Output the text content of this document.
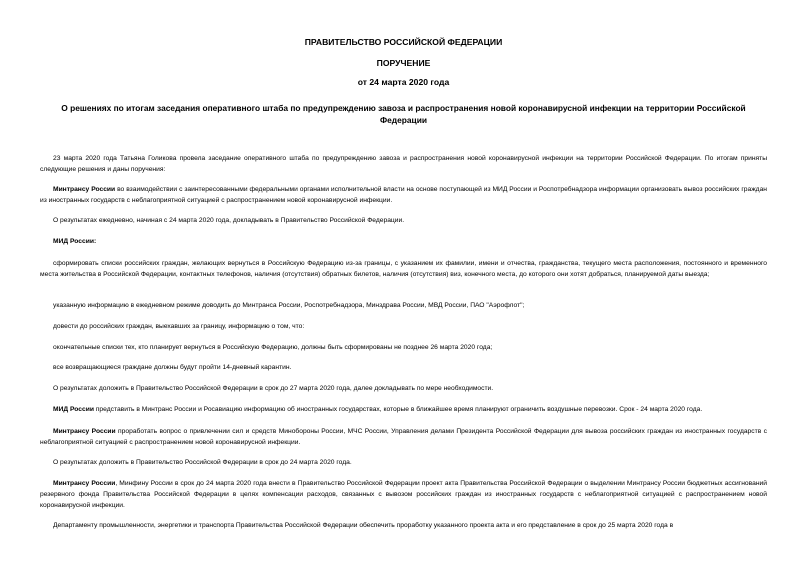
ПРАВИТЕЛЬСТВО РОССИЙСКОЙ ФЕДЕРАЦИИ
ПОРУЧЕНИЕ
от 24 марта 2020 года
О решениях по итогам заседания оперативного штаба по предупреждению завоза и распространения новой коронавирусной инфекции на территории Российской Федерации
23 марта 2020 года Татьяна Голикова провела заседание оперативного штаба по предупреждению завоза и распространения новой коронавирусной инфекции на территории Российской Федерации. По итогам приняты следующие решения и даны поручения:
Минтрансу России во взаимодействии с заинтересованными федеральными органами исполнительной власти на основе поступающей из МИД России и Роспотребнадзора информации организовать вывоз российских граждан из иностранных государств с неблагоприятной ситуацией с распространением новой коронавирусной инфекции.
О результатах ежедневно, начиная с 24 марта 2020 года, докладывать в Правительство Российской Федерации.
МИД России:
сформировать списки российских граждан, желающих вернуться в Российскую Федерацию из-за границы, с указанием их фамилии, имени и отчества, гражданства, текущего места расположения, постоянного и временного места жительства в Российской Федерации, контактных телефонов, наличия (отсутствия) обратных билетов, наличия (отсутствия) виз, конечного места, до которого они хотят добраться, планируемой даты выезда;
указанную информацию в ежедневном режиме доводить до Минтранса России, Роспотребнадзора, Минздрава России, МВД России, ПАО "Аэрофлот";
довести до российских граждан, выехавших за границу, информацию о том, что:
окончательные списки тех, кто планирует вернуться в Российскую Федерацию, должны быть сформированы не позднее 26 марта 2020 года;
все возвращающиеся граждане должны будут пройти 14-дневный карантин.
О результатах доложить в Правительство Российской Федерации в срок до 27 марта 2020 года, далее докладывать по мере необходимости.
МИД России представить в Минтранс России и Росавиацию информацию об иностранных государствах, которые в ближайшее время планируют ограничить воздушные перевозки. Срок - 24 марта 2020 года.
Минтрансу России проработать вопрос о привлечении сил и средств Минобороны России, МЧС России, Управления делами Президента Российской Федерации для вывоза российских граждан из иностранных государств с неблагоприятной ситуацией с распространением новой коронавирусной инфекции.
О результатах доложить в Правительство Российской Федерации в срок до 24 марта 2020 года.
Минтрансу России, Минфину России в срок до 24 марта 2020 года внести в Правительство Российской Федерации проект акта Правительства Российской Федерации о выделении Минтрансу России бюджетных ассигнований резервного фонда Правительства Российской Федерации в целях компенсации расходов, связанных с вывозом российских граждан из иностранных государств с неблагоприятной ситуацией с распространением новой коронавирусной инфекции.
Департаменту промышленности, энергетики и транспорта Правительства Российской Федерации обеспечить проработку указанного проекта акта и его представление в срок до 25 марта 2020 года в
